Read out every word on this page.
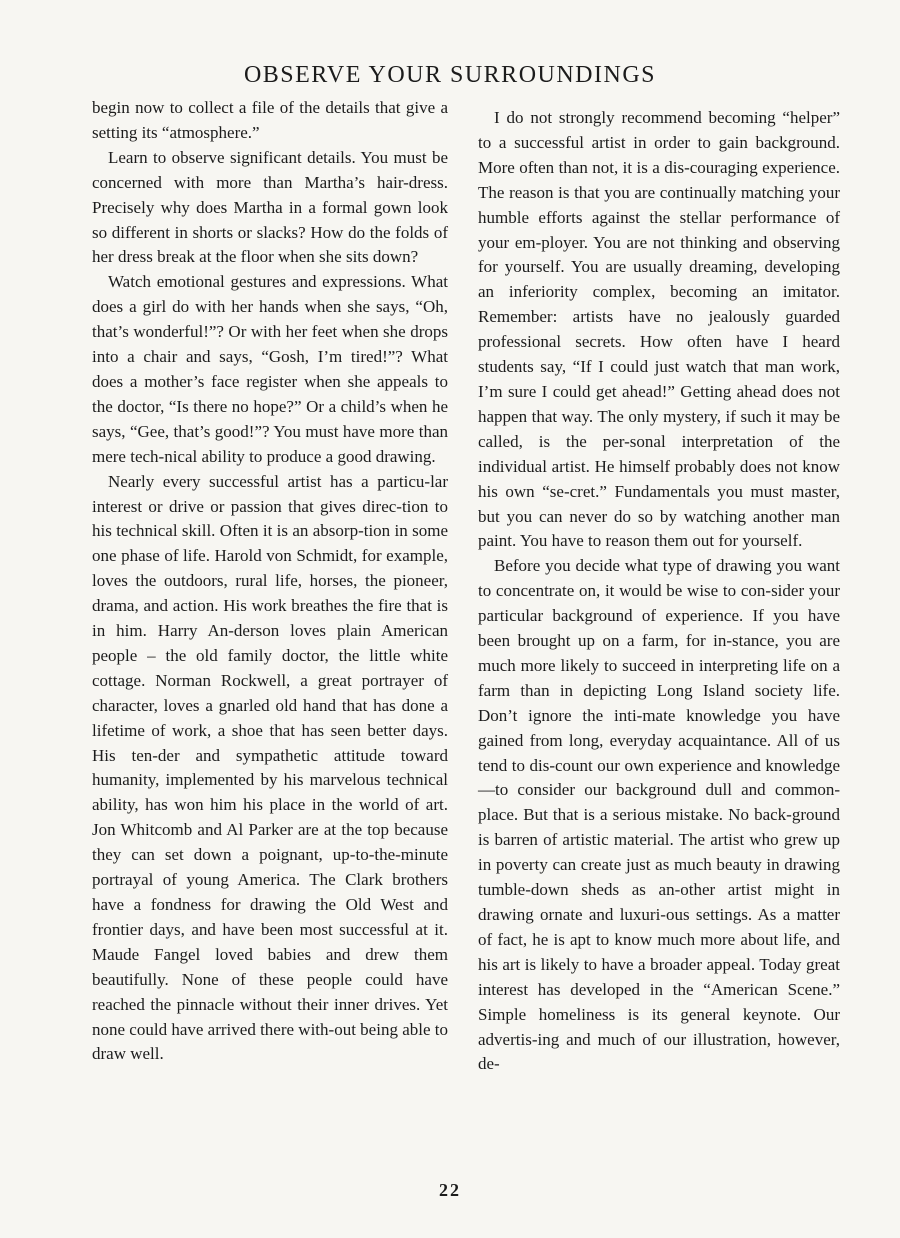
OBSERVE YOUR SURROUNDINGS

begin now to collect a file of the details that give a setting its “atmosphere.”

Learn to observe significant details. You must be concerned with more than Martha’s hair-dress. Precisely why does Martha in a formal gown look so different in shorts or slacks? How do the folds of her dress break at the floor when she sits down?

Watch emotional gestures and expressions. What does a girl do with her hands when she says, “Oh, that’s wonderful!”? Or with her feet when she drops into a chair and says, “Gosh, I’m tired!”? What does a mother’s face register when she appeals to the doctor, “Is there no hope?” Or a child’s when he says, “Gee, that’s good!”? You must have more than mere tech-nical ability to produce a good drawing.

Nearly every successful artist has a particu-lar interest or drive or passion that gives direc-tion to his technical skill. Often it is an absorp-tion in some one phase of life. Harold von Schmidt, for example, loves the outdoors, rural life, horses, the pioneer, drama, and action. His work breathes the fire that is in him. Harry An-derson loves plain American people – the old family doctor, the little white cottage. Norman Rockwell, a great portrayer of character, loves a gnarled old hand that has done a lifetime of work, a shoe that has seen better days. His ten-der and sympathetic attitude toward humanity, implemented by his marvelous technical ability, has won him his place in the world of art. Jon Whitcomb and Al Parker are at the top because they can set down a poignant, up-to-the-minute portrayal of young America. The Clark brothers have a fondness for drawing the Old West and frontier days, and have been most successful at it. Maude Fangel loved babies and drew them beautifully. None of these people could have reached the pinnacle without their inner drives. Yet none could have arrived there with-out being able to draw well.

I do not strongly recommend becoming “helper” to a successful artist in order to gain background. More often than not, it is a dis-couraging experience. The reason is that you are continually matching your humble efforts against the stellar performance of your em-ployer. You are not thinking and observing for yourself. You are usually dreaming, developing an inferiority complex, becoming an imitator. Remember: artists have no jealously guarded professional secrets. How often have I heard students say, “If I could just watch that man work, I’m sure I could get ahead!” Getting ahead does not happen that way. The only mystery, if such it may be called, is the per-sonal interpretation of the individual artist. He himself probably does not know his own “se-cret.” Fundamentals you must master, but you can never do so by watching another man paint. You have to reason them out for yourself.

Before you decide what type of drawing you want to concentrate on, it would be wise to con-sider your particular background of experience. If you have been brought up on a farm, for in-stance, you are much more likely to succeed in interpreting life on a farm than in depicting Long Island society life. Don’t ignore the inti-mate knowledge you have gained from long, everyday acquaintance. All of us tend to dis-count our own experience and knowledge—to consider our background dull and common-place. But that is a serious mistake. No back-ground is barren of artistic material. The artist who grew up in poverty can create just as much beauty in drawing tumble-down sheds as an-other artist might in drawing ornate and luxuri-ous settings. As a matter of fact, he is apt to know much more about life, and his art is likely to have a broader appeal. Today great interest has developed in the “American Scene.” Simple homeliness is its general keynote. Our advertis-ing and much of our illustration, however, de-

22
